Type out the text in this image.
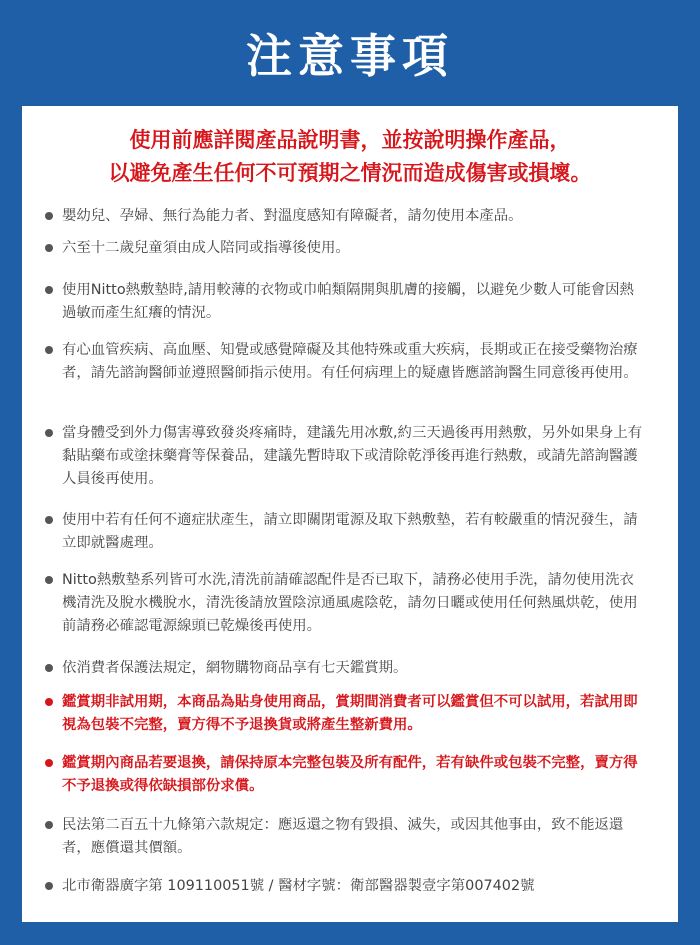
注意事項
使用前應詳閱產品說明書，並按說明操作產品，
以避免產生任何不可預期之情況而造成傷害或損壞。
嬰幼兒、孕婦、無行為能力者、對溫度感知有障礙者，請勿使用本產品。
六至十二歲兒童須由成人陪同或指導後使用。
使用Nitto熱敷墊時,請用較薄的衣物或巾帕類隔開與肌膚的接觸，以避免少數人可能會因熱過敏而產生紅癢的情況。
有心血管疾病、高血壓、知覺或感覺障礙及其他特殊或重大疾病，長期或正在接受藥物治療者，請先諮詢醫師並遵照醫師指示使用。有任何病理上的疑慮皆應諮詢醫生同意後再使用。
當身體受到外力傷害導致發炎疼痛時，建議先用冰敷,約三天過後再用熱敷，另外如果身上有黏貼藥布或塗抹藥膏等保養品，建議先暫時取下或清除乾淨後再進行熱敷，或請先諮詢醫護人員後再使用。
使用中若有任何不適症狀產生，請立即關閉電源及取下熱敷墊，若有較嚴重的情況發生，請立即就醫處理。
Nitto熱敷墊系列皆可水洗,清洗前請確認配件是否已取下，請務必使用手洗，請勿使用洗衣機清洗及脫水機脫水，清洗後請放置陰涼通風處陰乾，請勿日曬或使用任何熱風烘乾，使用前請務必確認電源線頭已乾燥後再使用。
依消費者保護法規定，網物購物商品享有七天鑑賞期。
鑑賞期非試用期，本商品為貼身使用商品，賞期間消費者可以鑑賞但不可以試用，若試用即視為包裝不完整，賣方得不予退換貨或將產生整新費用。
鑑賞期內商品若要退換，請保持原本完整包裝及所有配件，若有缺件或包裝不完整，賣方得不予退換或得依缺損部份求償。
民法第二百五十九條第六款規定：應返還之物有毀損、滅失，或因其他事由，致不能返還者，應償還其價額。
北市衛器廣字第 109110051號 / 醫材字號：衛部醫器製壹字第007402號
